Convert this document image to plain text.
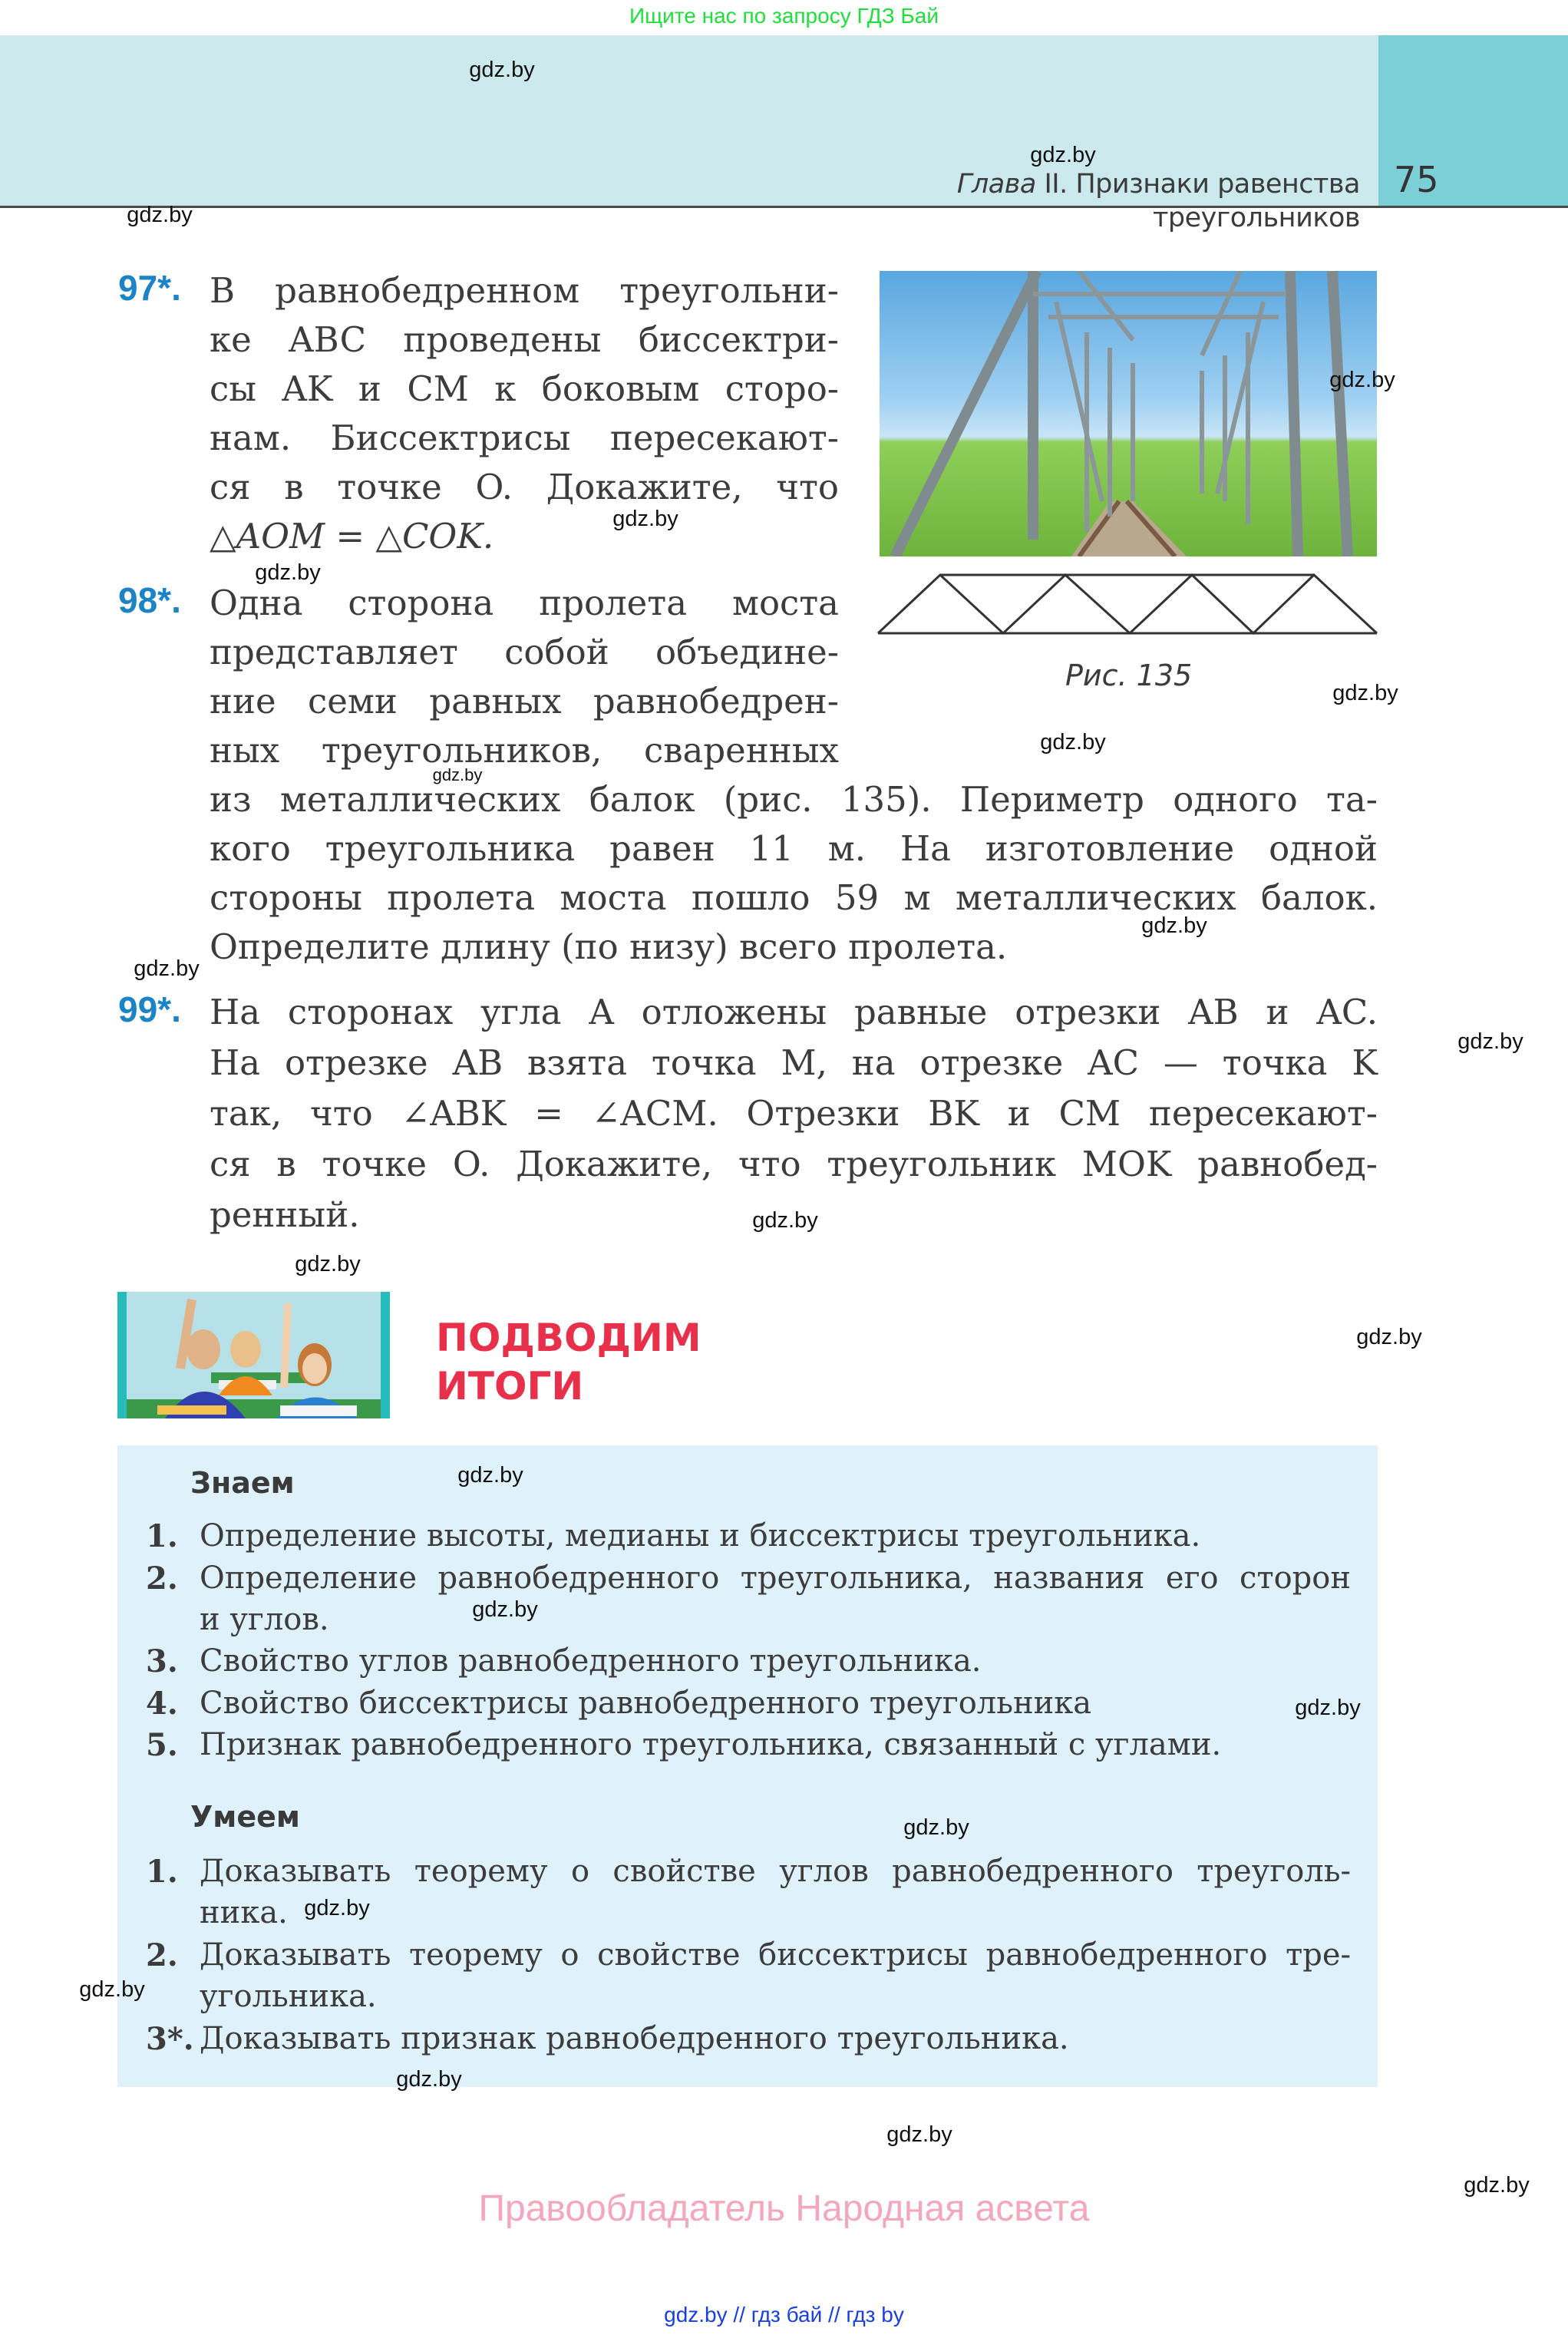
Ищите нас по запросу ГДЗ Бай
Глава II. Признаки равенства треугольников
75
97*. В равнобедренном треугольни-
ке ABC проведены биссектри-
сы AK и CM к боковым сторо-
нам. Биссектрисы пересекают-
ся в точке O. Докажите, что
△AOM = △COK.
Рис. 135
98*. Одна сторона пролета моста
представляет собой объедине-
ние семи равных равнобедрен-
ных треугольников, сваренных
из металлических балок (рис. 135). Периметр одного та-
кого треугольника равен 11 м. На изготовление одной
стороны пролета моста пошло 59 м металлических балок.
Определите длину (по низу) всего пролета.
99*. На сторонах угла A отложены равные отрезки AB и AC.
На отрезке AB взята точка M, на отрезке AC — точка K
так, что ∠ABK = ∠ACM. Отрезки BK и CM пересекают-
ся в точке O. Докажите, что треугольник MOK равнобед-
ренный.
ПОДВОДИМ
ИТОГИ
Знаем
1. Определение высоты, медианы и биссектрисы треугольника.
2. Определение равнобедренного треугольника, названия его сторон
и углов.
3. Свойство углов равнобедренного треугольника.
4. Свойство биссектрисы равнобедренного треугольника
5. Признак равнобедренного треугольника, связанный с углами.
Умеем
1. Доказывать теорему о свойстве углов равнобедренного треуголь-
ника.
2. Доказывать теорему о свойстве биссектрисы равнобедренного тре-
угольника.
3*. Доказывать признак равнобедренного треугольника.
Правообладатель Народная асвета
gdz.by // гдз бай // гдз by
gdz.by
gdz.by
gdz.by
gdz.by
gdz.by
gdz.by
gdz.by
gdz.by
gdz.by
gdz.by
gdz.by
gdz.by
gdz.by
gdz.by
gdz.by
gdz.by
gdz.by
gdz.by
gdz.by
gdz.by
gdz.by
gdz.by
gdz.by
gdz.by
